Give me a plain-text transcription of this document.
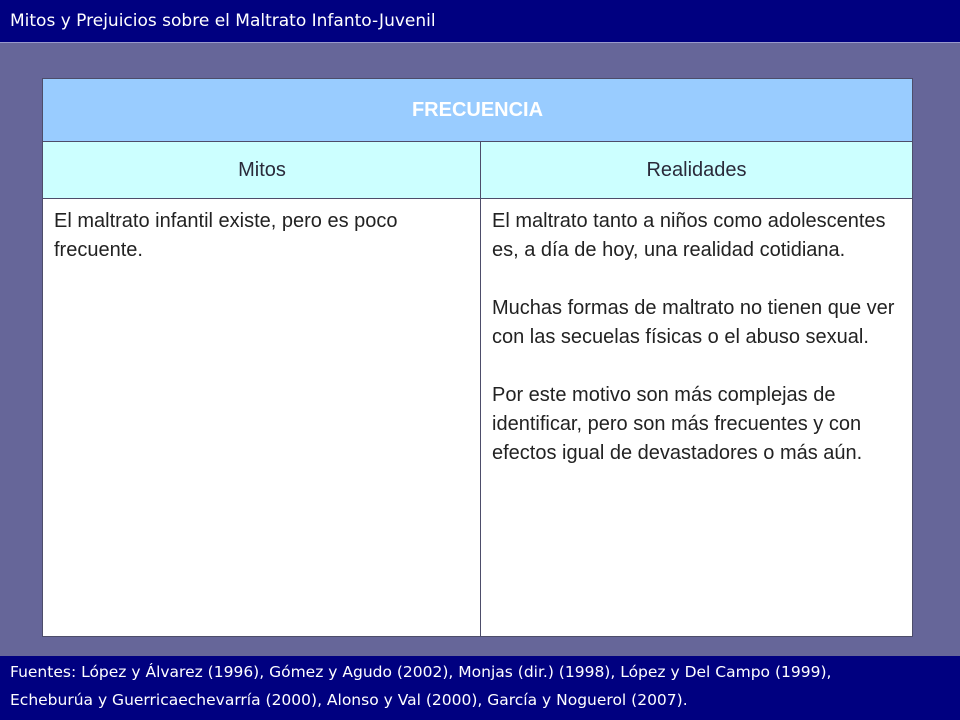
Mitos y Prejuicios sobre el Maltrato Infanto-Juvenil
FRECUENCIA
Mitos	Realidades

El maltrato infantil existe, pero es poco frecuente.

El maltrato tanto a niños como adolescentes es, a día de hoy, una realidad cotidiana.

Muchas formas de maltrato no tienen que ver con las secuelas físicas o el abuso sexual.

Por este motivo son más complejas de identificar, pero son más frecuentes y con efectos igual de devastadores o más aún.

Fuentes: López y Álvarez (1996), Gómez y Agudo (2002), Monjas (dir.) (1998), López y Del Campo (1999),
Echeburúa y Guerricaechevarría (2000), Alonso y Val (2000), García y Noguerol (2007).
